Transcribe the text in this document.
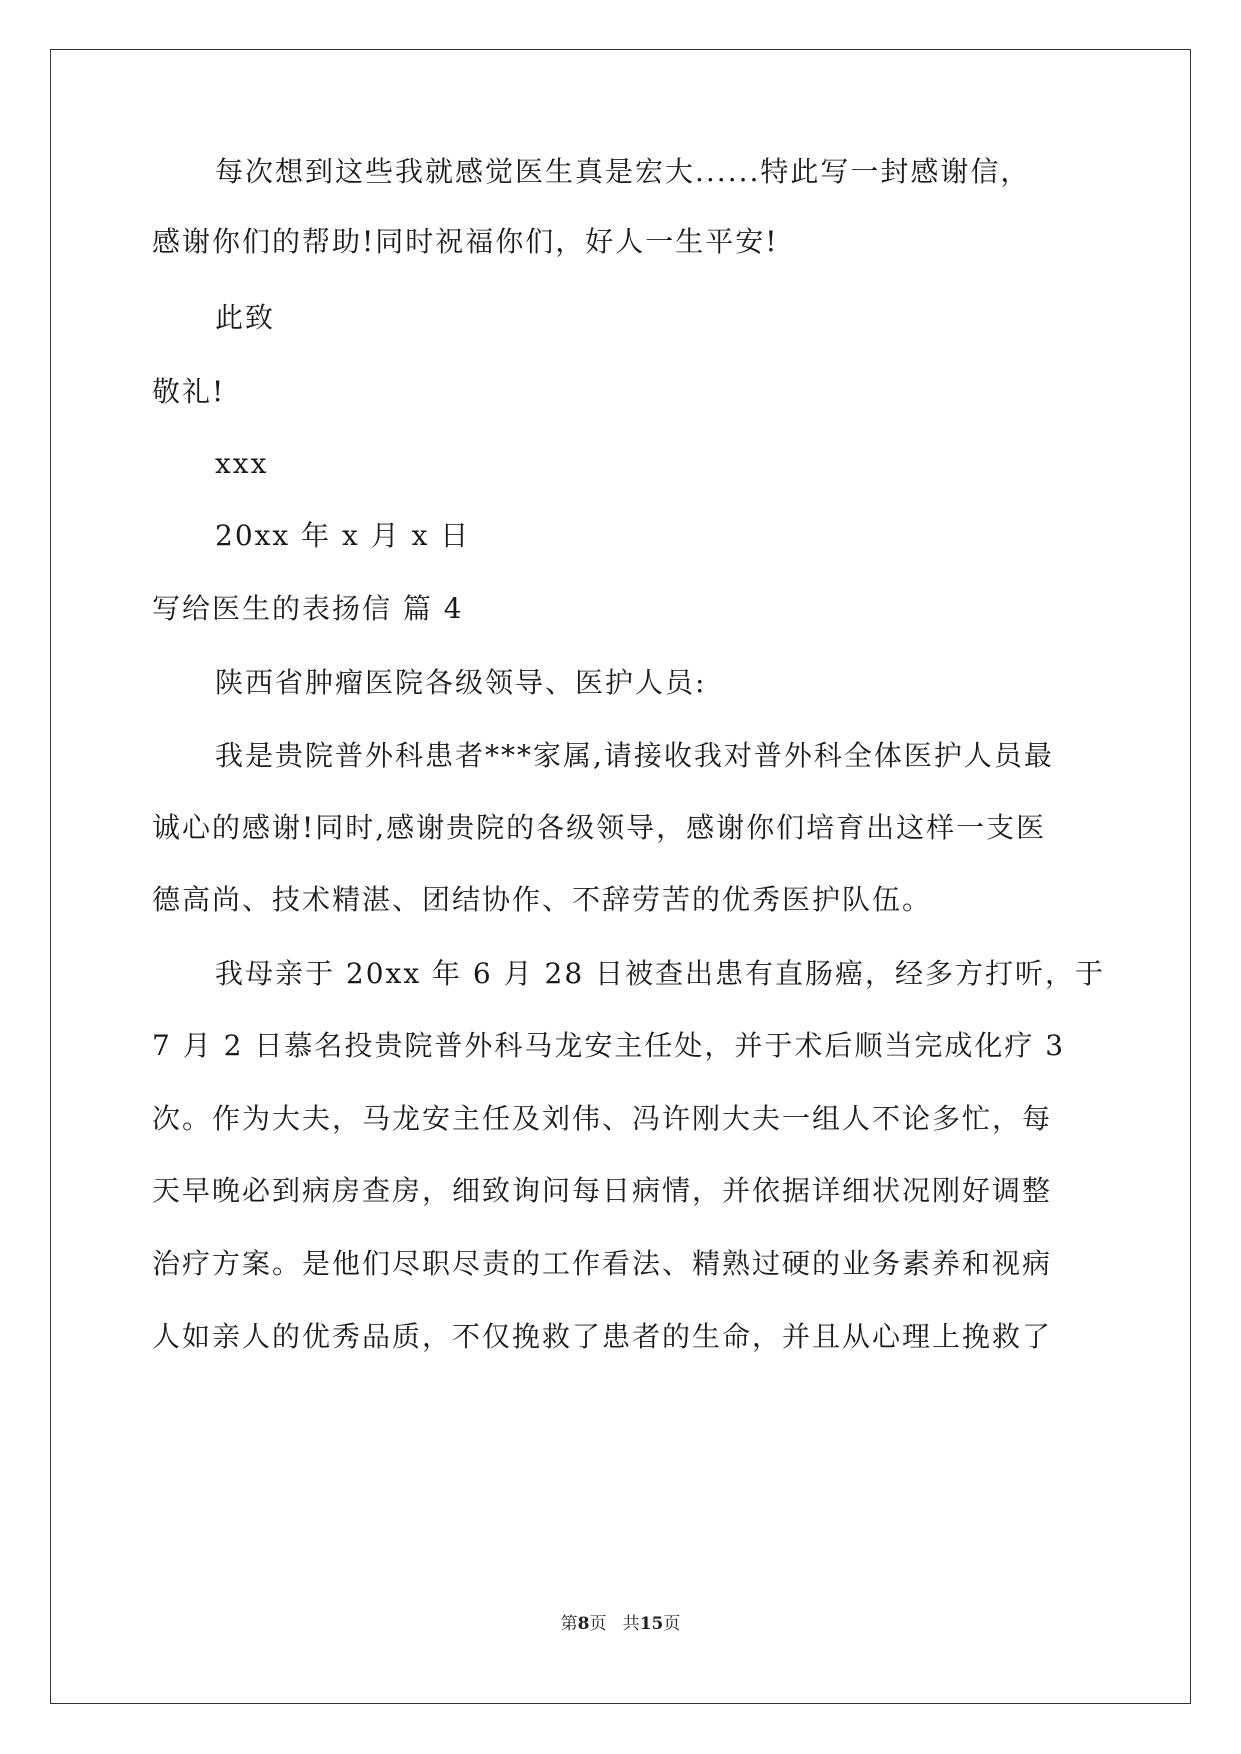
每次想到这些我就感觉医生真是宏大......特此写一封感谢信，
感谢你们的帮助!同时祝福你们，好人一生平安!
此致
敬礼!
xxx
20xx 年 x 月 x 日
写给医生的表扬信 篇 4
陕西省肿瘤医院各级领导、医护人员:
我是贵院普外科患者***家属,请接收我对普外科全体医护人员最
诚心的感谢!同时,感谢贵院的各级领导，感谢你们培育出这样一支医
德高尚、技术精湛、团结协作、不辞劳苦的优秀医护队伍。
我母亲于 20xx 年 6 月 28 日被查出患有直肠癌，经多方打听，于
7 月 2 日慕名投贵院普外科马龙安主任处，并于术后顺当完成化疗 3
次。作为大夫，马龙安主任及刘伟、冯许刚大夫一组人不论多忙，每
天早晚必到病房查房，细致询问每日病情，并依据详细状况刚好调整
治疗方案。是他们尽职尽责的工作看法、精熟过硬的业务素养和视病
人如亲人的优秀品质，不仅挽救了患者的生命，并且从心理上挽救了
第8页   共15页
